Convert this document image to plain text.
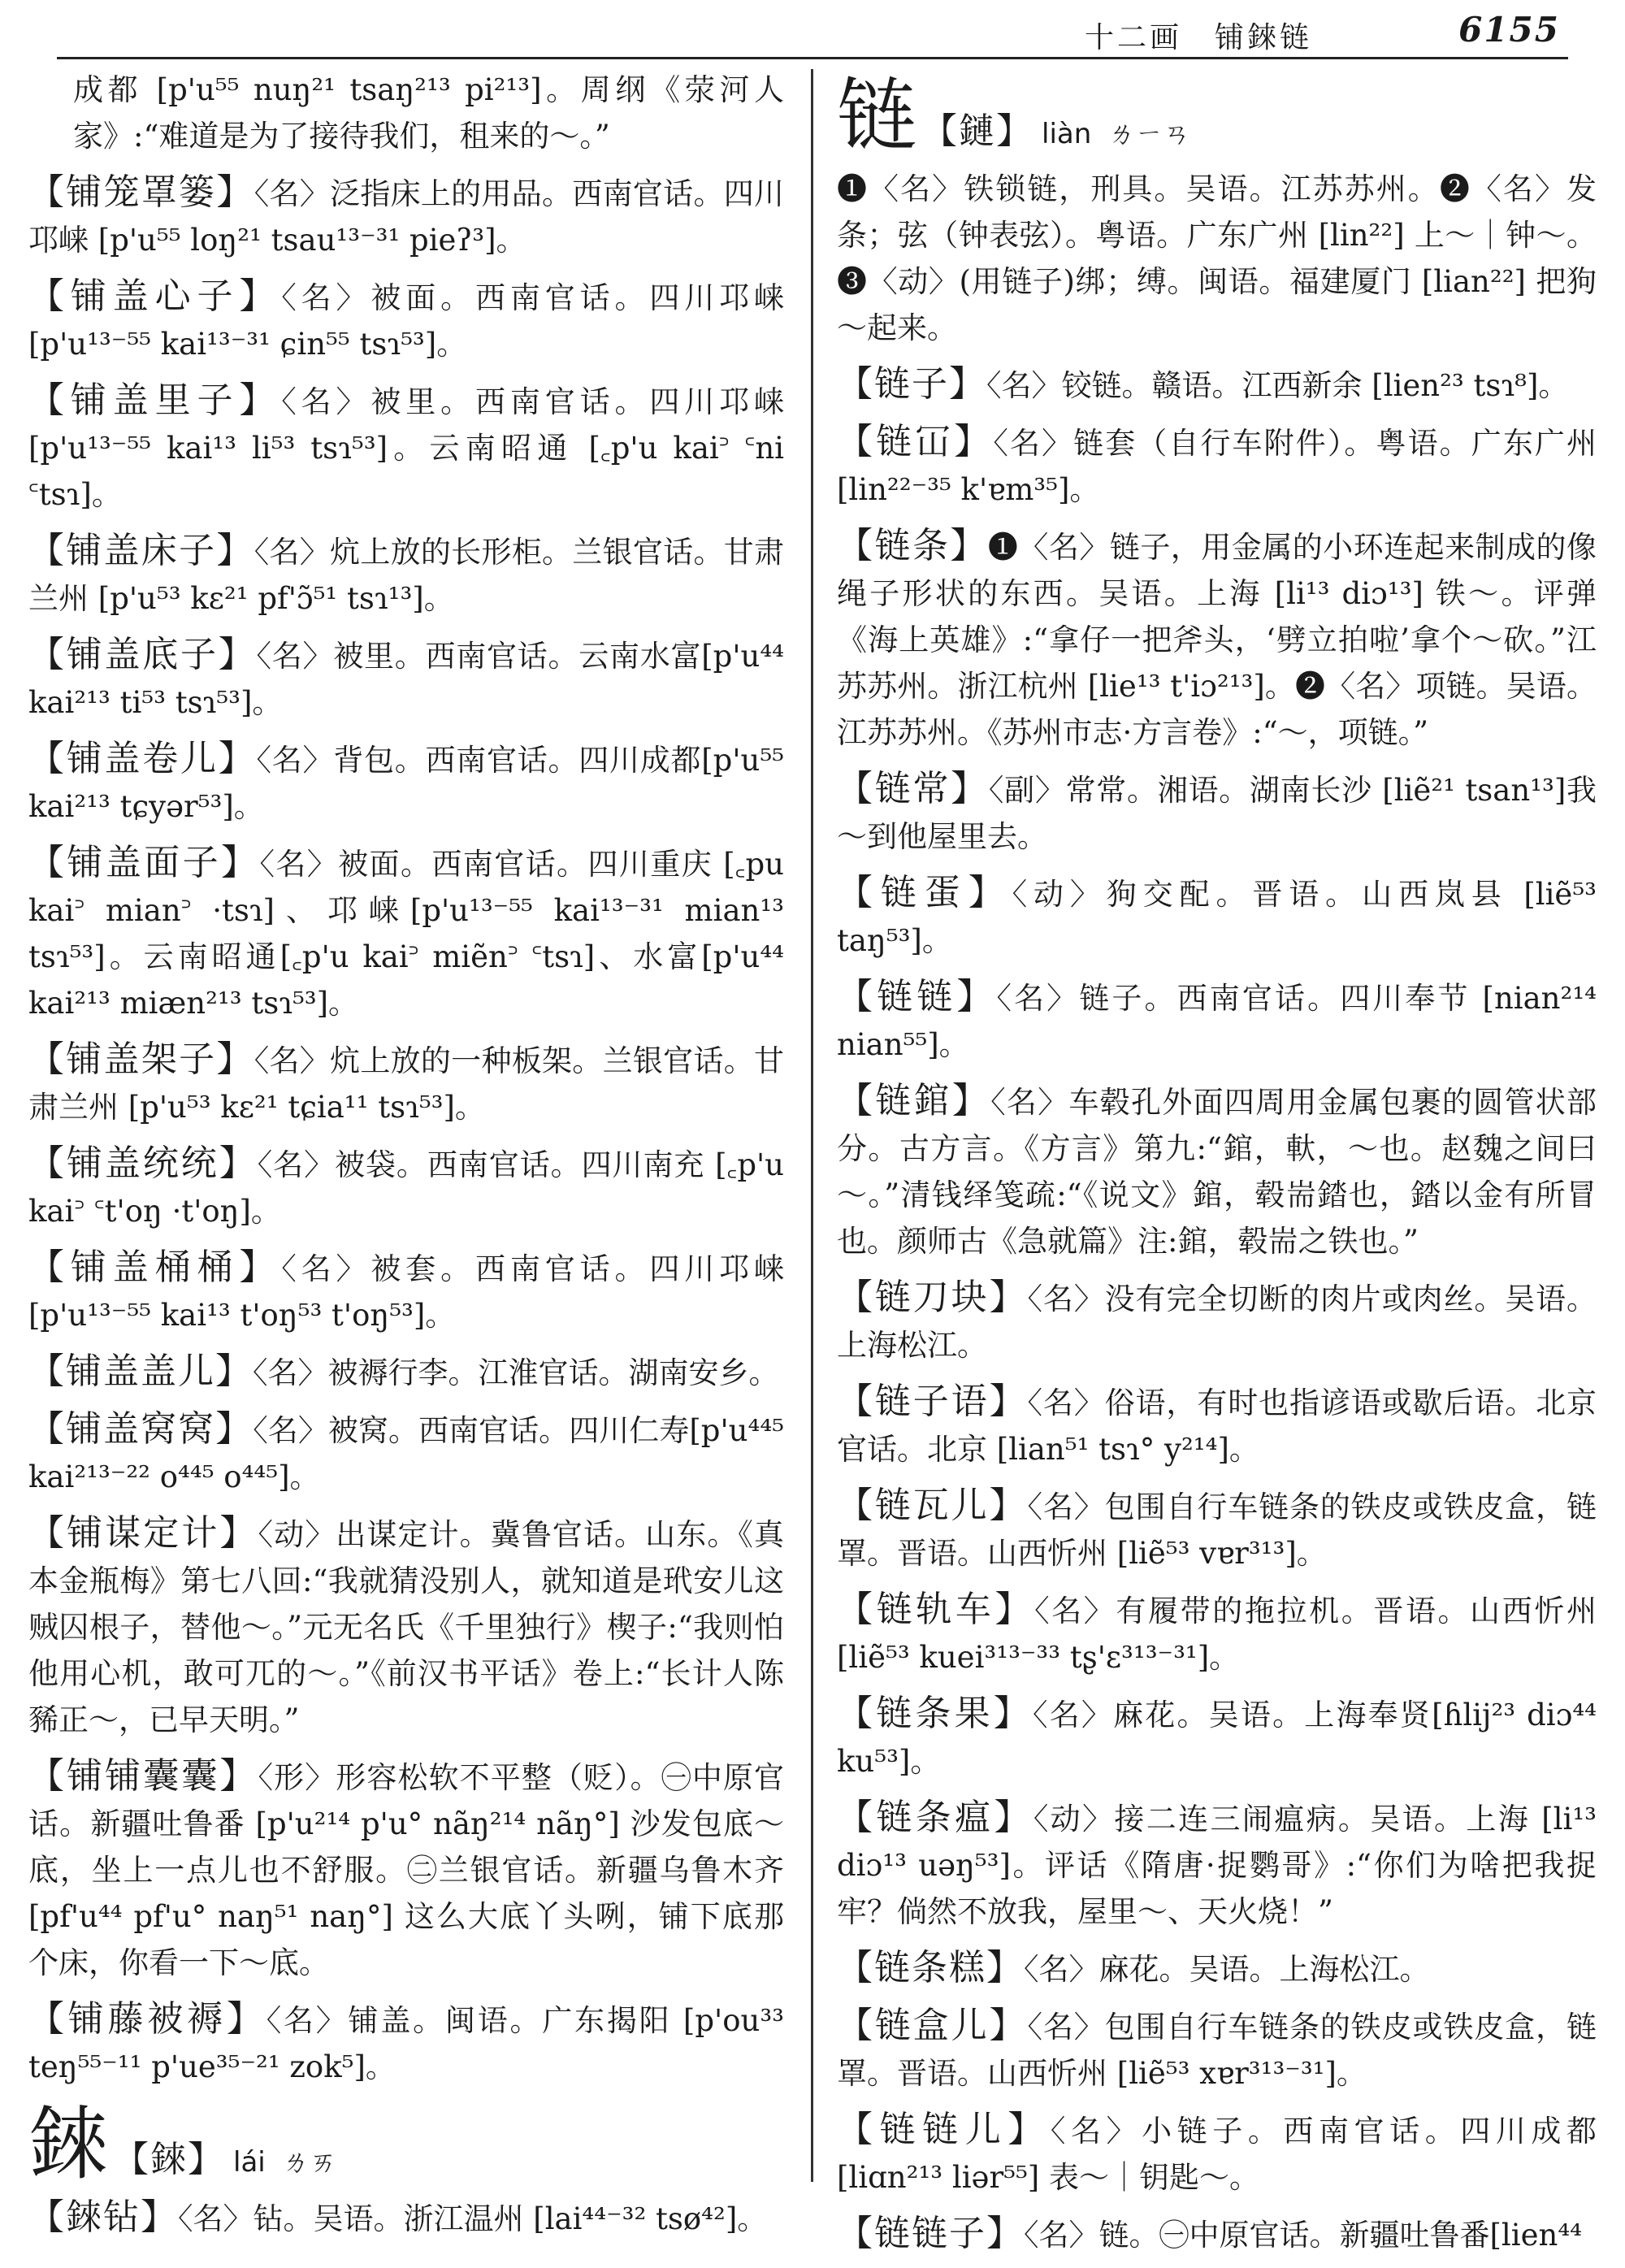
十二画　铺錸链	6155

成都 [p'u⁵⁵ nuŋ²¹ tsaŋ²¹³ pi²¹³]。周纲《荥河人家》:“难道是为了接待我们，租来的～。”

【铺笼罩篓】〈名〉泛指床上的用品。西南官话。四川邛崃 [p'u⁵⁵ loŋ²¹ tsau¹³⁻³¹ pieʔ³]。

【铺盖心子】〈名〉被面。西南官话。四川邛崃[p'u¹³⁻⁵⁵ kai¹³⁻³¹ ɕin⁵⁵ tsɿ⁵³]。

【铺盖里子】〈名〉被里。西南官话。四川邛崃[p'u¹³⁻⁵⁵ kai¹³ li⁵³ tsɿ⁵³]。云南昭通 [꜀p'u kai꜄ ꜂ni ꜂tsɿ]。

【铺盖床子】〈名〉炕上放的长形柜。兰银官话。甘肃兰州 [p'u⁵³ kɛ²¹ pf'ɔ̃⁵¹ tsɿ¹³]。

【铺盖底子】〈名〉被里。西南官话。云南水富[p'u⁴⁴ kai²¹³ ti⁵³ tsɿ⁵³]。

【铺盖卷儿】〈名〉背包。西南官话。四川成都[p'u⁵⁵ kai²¹³ tɕyər⁵³]。

【铺盖面子】〈名〉被面。西南官话。四川重庆 [꜀pu kai꜄ mian꜄ ·tsɿ]、邛崃[p'u¹³⁻⁵⁵ kai¹³⁻³¹ mian¹³ tsɿ⁵³]。云南昭通[꜀p'u kai꜄ miẽn꜄ ꜂tsɿ]、水富[p'u⁴⁴ kai²¹³ miæn²¹³ tsɿ⁵³]。

【铺盖架子】〈名〉炕上放的一种板架。兰银官话。甘肃兰州 [p'u⁵³ kɛ²¹ tɕia¹¹ tsɿ⁵³]。

【铺盖统统】〈名〉被袋。西南官话。四川南充 [꜀p'u kai꜄ ꜂t'oŋ ·t'oŋ]。

【铺盖桶桶】〈名〉被套。西南官话。四川邛崃[p'u¹³⁻⁵⁵ kai¹³ t'oŋ⁵³ t'oŋ⁵³]。

【铺盖盖儿】〈名〉被褥行李。江淮官话。湖南安乡。

【铺盖窝窝】〈名〉被窝。西南官话。四川仁寿[p'u⁴⁴⁵ kai²¹³⁻²² o⁴⁴⁵ o⁴⁴⁵]。

【铺谋定计】〈动〉出谋定计。冀鲁官话。山东。《真本金瓶梅》第七八回:“我就猜没别人，就知道是玳安儿这贼囚根子，替他～。”元无名氏《千里独行》楔子:“我则怕他用心机，敢可兀的～。”《前汉书平话》卷上:“长计人陈豨正～，已早天明。”

【铺铺囊囊】〈形〉形容松软不平整（贬）。㊀中原官话。新疆吐鲁番 [p'u²¹⁴ p'u° nãŋ²¹⁴ nãŋ°] 沙发包底～底，坐上一点儿也不舒服。㊁兰银官话。新疆乌鲁木齐 [pf'u⁴⁴ pf'u° naŋ⁵¹ naŋ°] 这么大底丫头咧，铺下底那个床，你看一下～底。

【铺藤被褥】〈名〉铺盖。闽语。广东揭阳 [p'ou³³ teŋ⁵⁵⁻¹¹ p'ue³⁵⁻²¹ zok⁵]。

錸 【錸】 lái ㄌㄞ

【錸钻】〈名〉钻。吴语。浙江温州 [lai⁴⁴⁻³² tsø⁴²]。

链 【鏈】 liàn ㄌㄧㄢ

❶〈名〉铁锁链，刑具。吴语。江苏苏州。❷〈名〉发条；弦（钟表弦）。粤语。广东广州 [lin²²] 上～｜钟～。❸〈动〉(用链子)绑；缚。闽语。福建厦门 [lian²²] 把狗～起来。

【链子】〈名〉铰链。赣语。江西新余 [lien²³ tsɿ⁸]。

【链冚】〈名〉链套（自行车附件）。粤语。广东广州 [lin²²⁻³⁵ k'ɐm³⁵]。

【链条】❶〈名〉链子，用金属的小环连起来制成的像绳子形状的东西。吴语。上海 [li¹³ diɔ¹³] 铁～。评弹《海上英雄》:“拿仔一把斧头，‘劈立拍啦’拿个～砍。”江苏苏州。浙江杭州 [lie¹³ t'iɔ²¹³]。❷〈名〉项链。吴语。江苏苏州。《苏州市志·方言卷》:“～，项链。”

【链常】〈副〉常常。湘语。湖南长沙 [liẽ²¹ tsan¹³]我～到他屋里去。

【链蛋】〈动〉狗交配。晋语。山西岚县 [liẽ⁵³ taŋ⁵³]。

【链链】〈名〉链子。西南官话。四川奉节 [nian²¹⁴ nian⁵⁵]。

【链錧】〈名〉车毂孔外面四周用金属包裹的圆管状部分。古方言。《方言》第九:“錧，軑，～也。赵魏之间曰～。”清钱绎笺疏:“《说文》錧，毂耑錔也，錔以金有所冒也。颜师古《急就篇》注:錧，毂耑之铁也。”

【链刀块】〈名〉没有完全切断的肉片或肉丝。吴语。上海松江。

【链子语】〈名〉俗语，有时也指谚语或歇后语。北京官话。北京 [lian⁵¹ tsɿ° y²¹⁴]。

【链瓦儿】〈名〉包围自行车链条的铁皮或铁皮盒，链罩。晋语。山西忻州 [liẽ⁵³ vɐr³¹³]。

【链轨车】〈名〉有履带的拖拉机。晋语。山西忻州 [liẽ⁵³ kuei³¹³⁻³³ tʂ'ɛ³¹³⁻³¹]。

【链条果】〈名〉麻花。吴语。上海奉贤[ɦlij²³ diɔ⁴⁴ ku⁵³]。

【链条瘟】〈动〉接二连三闹瘟病。吴语。上海 [li¹³ diɔ¹³ uəŋ⁵³]。评话《隋唐·捉鹦哥》:“你们为啥把我捉牢？倘然不放我，屋里～、天火烧！”

【链条糕】〈名〉麻花。吴语。上海松江。

【链盒儿】〈名〉包围自行车链条的铁皮或铁皮盒，链罩。晋语。山西忻州 [liẽ⁵³ xɐr³¹³⁻³¹]。

【链链儿】〈名〉小链子。西南官话。四川成都 [liɑn²¹³ liər⁵⁵] 表～｜钥匙～。

【链链子】〈名〉链。㊀中原官话。新疆吐鲁番[lien⁴⁴
